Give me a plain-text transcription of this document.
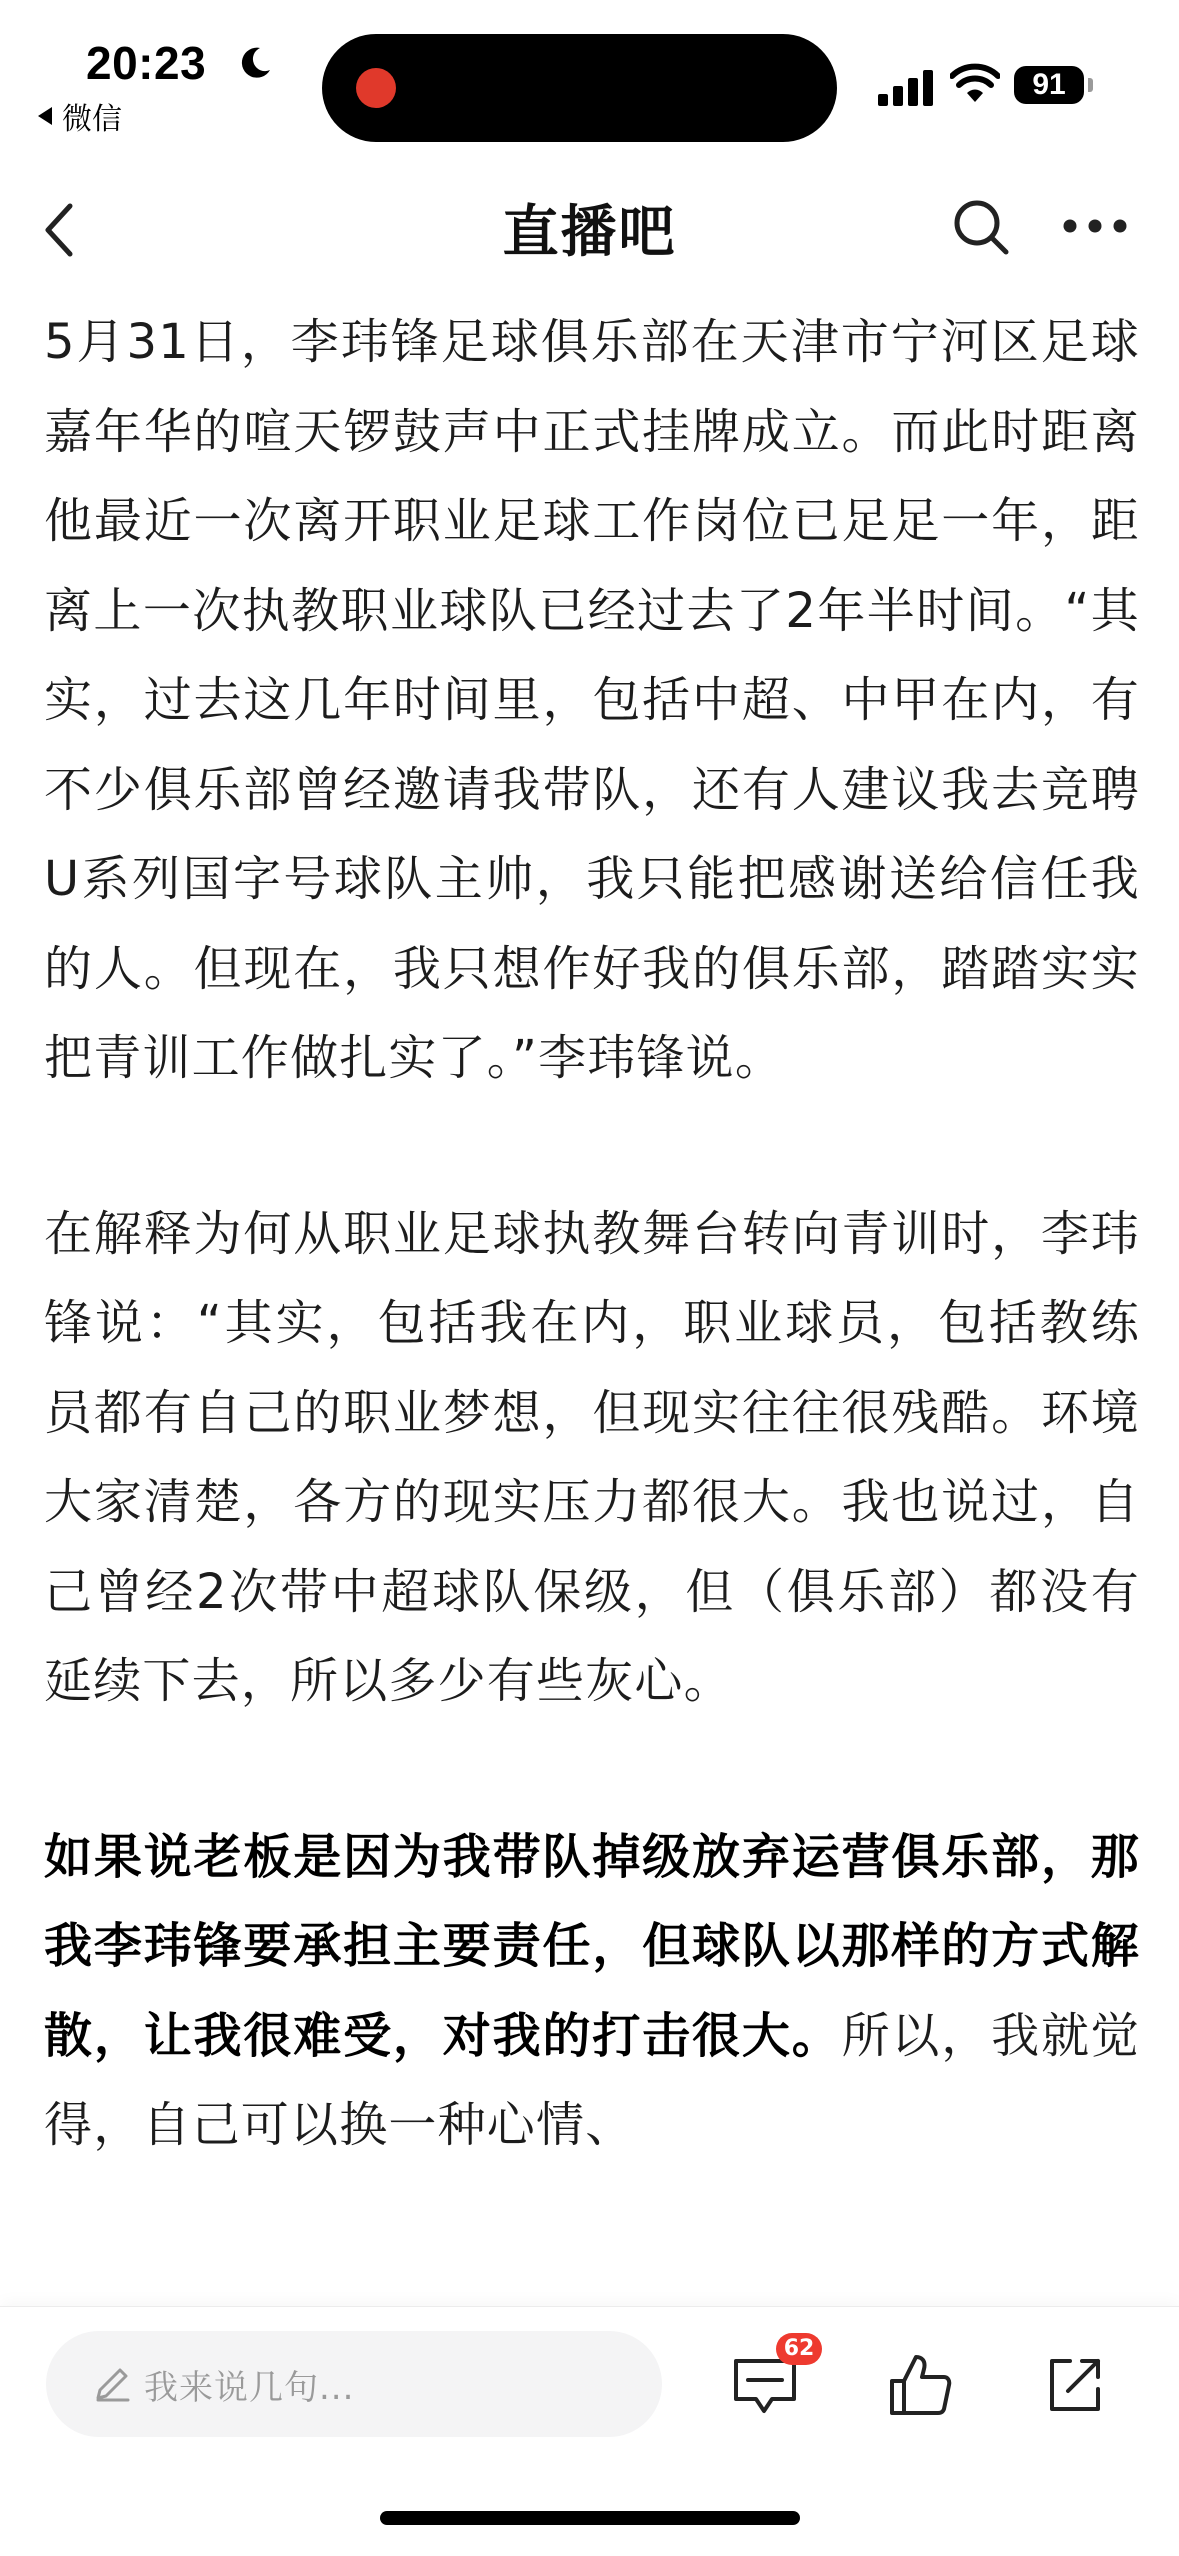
20:23
微信
91
直播吧

5月31日，李玮锋足球俱乐部在天津市宁河区足球嘉年华的喧天锣鼓声中正式挂牌成立。而此时距离他最近一次离开职业足球工作岗位已足足一年，距离上一次执教职业球队已经过去了2年半时间。“其实，过去这几年时间里，包括中超、中甲在内，有不少俱乐部曾经邀请我带队，还有人建议我去竞聘U系列国字号球队主帅，我只能把感谢送给信任我的人。但现在，我只想作好我的俱乐部，踏踏实实把青训工作做扎实了。”李玮锋说。

在解释为何从职业足球执教舞台转向青训时，李玮锋说：“其实，包括我在内，职业球员，包括教练员都有自己的职业梦想，但现实往往很残酷。环境大家清楚，各方的现实压力都很大。我也说过，自己曾经2次带中超球队保级，但（俱乐部）都没有延续下去，所以多少有些灰心。

如果说老板是因为我带队掉级放弃运营俱乐部，那我李玮锋要承担主要责任，但球队以那样的方式解散，让我很难受，对我的打击很大。所以，我就觉得，自己可以换一种心情、

我来说几句...
62
